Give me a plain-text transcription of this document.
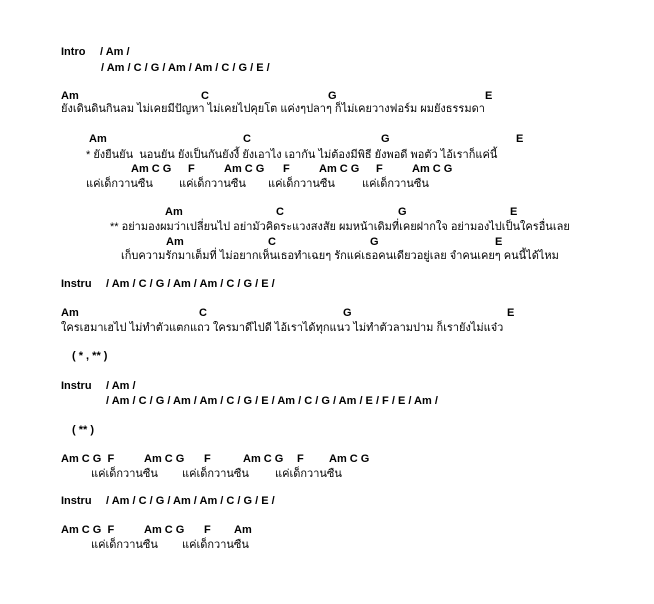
Intro / Am /
/ Am / C / G / Am / Am / C / G / E /
Am	C	G	E
ยังเดินดินกินลม ไม่เคยมีปัญหา ไม่เคยไปคุยโต แค่งๆปลาๆ ก็ไม่เคยวางฟอร์ม ผมยังธรรมดา
Am	C	G	E
* ยังยืนยัน  นอนยัน ยังเป็นกันยังงี้ ยังเอาไง เอากัน ไม่ต้องมีพิธี ยังพอดี พอตัว ไอ้เราก็แค่นี้
Am C G F	Am C G F	Am C G F	Am C G
แค่เด็กวานซืน แค่เด็กวานซืน แค่เด็กวานซืน แค่เด็กวานซืน
Am	C	G	E
** อย่ามองผมว่าเปลี่ยนไป อย่ามัวคิดระแวงสงสัย ผมหน้าเดิมที่เคยฝากใจ อย่ามองไปเป็นใครอื่นเลย
Am	C	G	E
เก็บความรักมาเต็มที่ ไม่อยากเห็นเธอทำเฉยๆ รักแค่เธอคนเดียวอยู่เลย จำคนเคยๆ คนนี้ได้ไหม
Instru / Am / C / G / Am / Am / C / G / E /
Am	C	G	E
ใครเฮมาเฮไป ไม่ทำตัวแตกแถว ใครมาดีไปดี ไอ้เราได้ทุกแนว ไม่ทำตัวลามปาม ก็เรายังไม่แจ๋ว
( * , ** )
Instru / Am /
/ Am / C / G / Am / Am / C / G / E / Am / C / G / Am / E / F / E / Am /
( ** )
Am C G  F	Am C G F	Am C G F Am C G
แค่เด็กวานซืน แค่เด็กวานซืน แค่เด็กวานซืน
Instru / Am / C / G / Am / Am / C / G / E /
Am C G  F	Am C G F Am
แค่เด็กวานซืน แค่เด็กวานซืน
